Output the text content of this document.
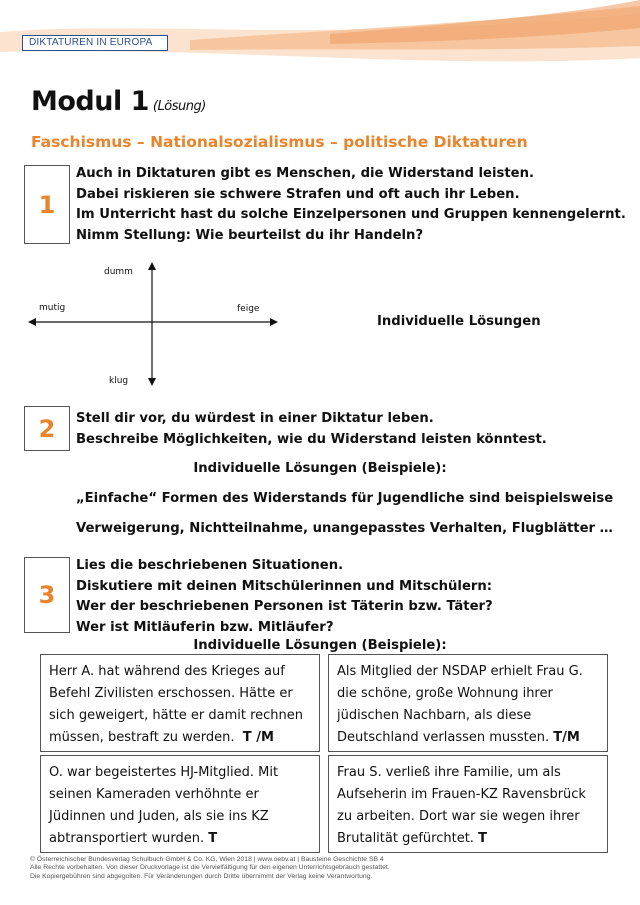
DIKTATUREN IN EUROPA
Modul 1 (Lösung)
Faschismus – Nationalsozialismus – politische Diktaturen
1
Auch in Diktaturen gibt es Menschen, die Widerstand leisten.
Dabei riskieren sie schwere Strafen und oft auch ihr Leben.
Im Unterricht hast du solche Einzelpersonen und Gruppen kennengelernt.
Nimm Stellung: Wie beurteilst du ihr Handeln?
dumm
klug
mutig	feige
Individuelle Lösungen
2 Stell dir vor, du würdest in einer Diktatur leben.
Beschreibe Möglichkeiten, wie du Widerstand leisten könntest.
Individuelle Lösungen (Beispiele):
„Einfache“ Formen des Widerstands für Jugendliche sind beispielsweise
Verweigerung, Nichtteilnahme, unangepasstes Verhalten, Flugblätter …
3
Lies die beschriebenen Situationen.
Diskutiere mit deinen Mitschülerinnen und Mitschülern:
Wer der beschriebenen Personen ist Täterin bzw. Täter?
Wer ist Mitläuferin bzw. Mitläufer?
Individuelle Lösungen (Beispiele):
Herr A. hat während des Krieges auf
Befehl Zivilisten erschossen. Hätte er
sich geweigert, hätte er damit rechnen
müssen, bestraft zu werden. T /M
Als Mitglied der NSDAP erhielt Frau G.
die schöne, große Wohnung ihrer
jüdischen Nachbarn, als diese
Deutschland verlassen mussten. T/M
O. war begeistertes HJ-Mitglied. Mit
seinen Kameraden verhöhnte er
Jüdinnen und Juden, als sie ins KZ
abtransportiert wurden. T
Frau S. verließ ihre Familie, um als
Aufseherin im Frauen-KZ Ravensbrück
zu arbeiten. Dort war sie wegen ihrer
Brutalität gefürchtet. T
© Österreichischer Bundesverlag Schulbuch GmbH & Co. KG, Wien 2018 | www.oebv.at | Bausteine Geschichte SB 4
Alle Rechte vorbehalten. Von dieser Druckvorlage ist die Vervielfältigung für den eigenen Unterrichtsgebrauch gestattet.
Die Kopiergebühren sind abgegolten. Für Veränderungen durch Dritte übernimmt der Verlag keine Verantwortung.
